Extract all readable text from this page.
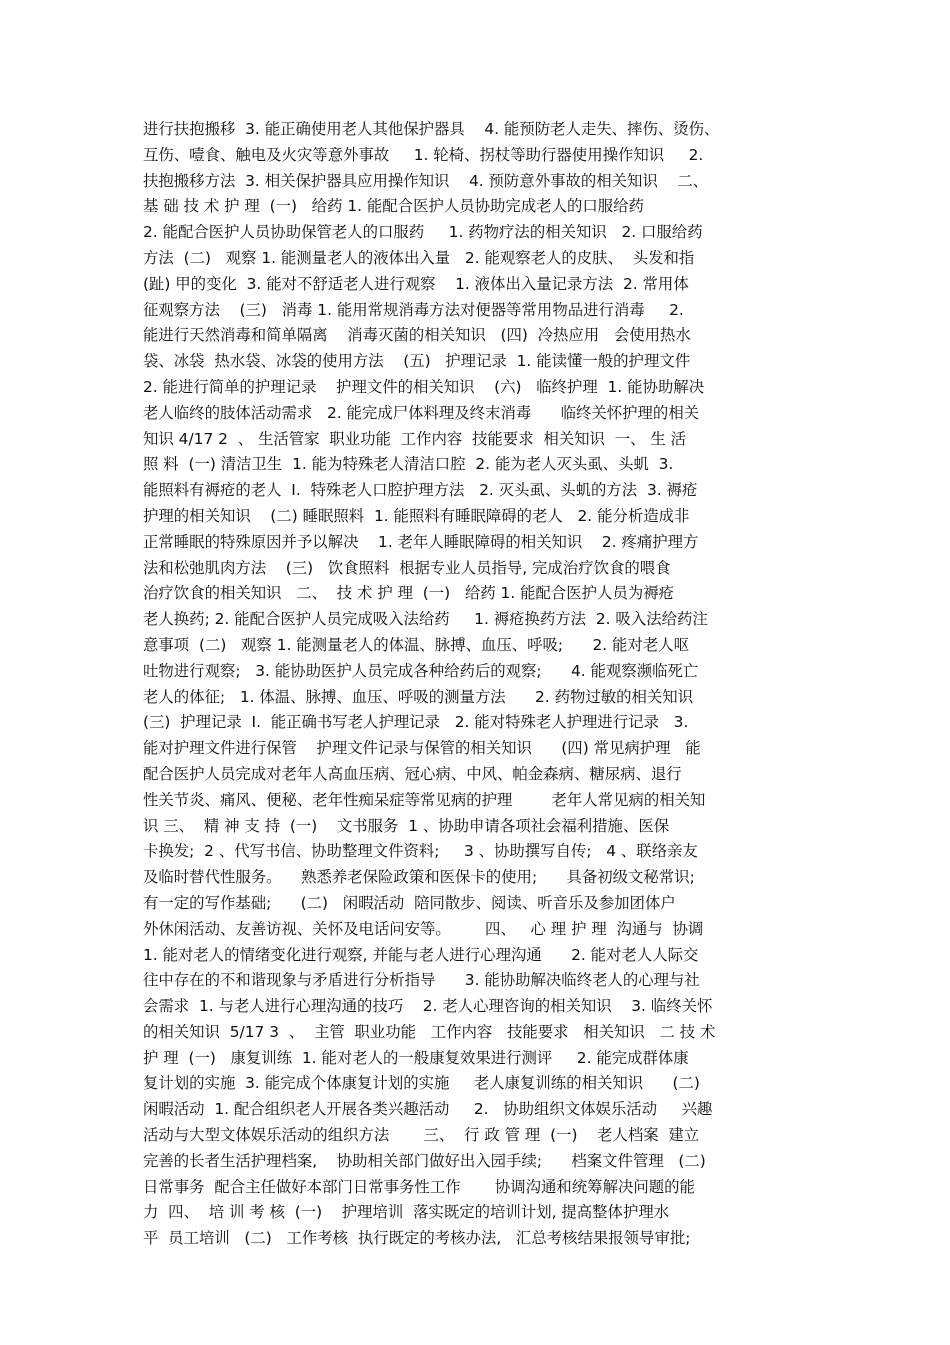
进行扶抱搬移  3. 能正确使用老人其他保护器具    4. 能预防老人走失、摔伤、烫伤、
互伤、噎食、触电及火灾等意外事故     1. 轮椅、拐杖等助行器使用操作知识     2.
扶抱搬移方法  3. 相关保护器具应用操作知识    4. 预防意外事故的相关知识    二、
基 础 技 术 护 理  (一)   给药 1. 能配合医护人员协助完成老人的口服给药
2. 能配合医护人员协助保管老人的口服药     1. 药物疗法的相关知识   2. 口服给药
方法  (二)   观察 1. 能测量老人的液体出入量   2. 能观察老人的皮肤、  头发和指
(趾) 甲的变化  3. 能对不舒适老人进行观察    1. 液体出入量记录方法  2. 常用体
征观察方法    (三)   消毒 1. 能用常规消毒方法对便器等常用物品进行消毒     2.
能进行天然消毒和简单隔离    消毒灭菌的相关知识   (四)  冷热应用   会使用热水
袋、冰袋  热水袋、冰袋的使用方法    (五)   护理记录  1. 能读懂一般的护理文件
2. 能进行简单的护理记录    护理文件的相关知识    (六)   临终护理  1. 能协助解决
老人临终的肢体活动需求   2. 能完成尸体料理及终末消毒      临终关怀护理的相关
知识 4/17 2  、 生活管家  职业功能  工作内容  技能要求  相关知识  一、 生 活
照 料  (一) 清洁卫生  1. 能为特殊老人清洁口腔  2. 能为老人灭头虱、头虮  3.
能照料有褥疮的老人  I.  特殊老人口腔护理方法   2. 灭头虱、头虮的方法  3. 褥疮
护理的相关知识    (二) 睡眠照料  1. 能照料有睡眠障碍的老人   2. 能分析造成非
正常睡眠的特殊原因并予以解决    1. 老年人睡眠障碍的相关知识    2. 疼痛护理方
法和松弛肌肉方法    (三)   饮食照料  根据专业人员指导, 完成治疗饮食的喂食
治疗饮食的相关知识   二、  技 术 护 理  (一)   给药 1. 能配合医护人员为褥疮
老人换药; 2. 能配合医护人员完成吸入法给药     1. 褥疮换药方法  2. 吸入法给药注
意事项  (二)   观察 1. 能测量老人的体温、脉搏、血压、呼吸;      2. 能对老人呕
吐物进行观察;   3. 能协助医护人员完成各种给药后的观察;      4. 能观察濒临死亡
老人的体征;   1. 体温、脉搏、血压、呼吸的测量方法      2. 药物过敏的相关知识
(三)  护理记录  I.  能正确书写老人护理记录   2. 能对特殊老人护理进行记录   3.
能对护理文件进行保管    护理文件记录与保管的相关知识      (四) 常见病护理   能
配合医护人员完成对老年人高血压病、冠心病、中风、帕金森病、糖尿病、退行
性关节炎、痛风、便秘、老年性痴呆症等常见病的护理        老年人常见病的相关知
识 三、  精 神 支 持  (一)    文书服务  1 、协助申请各项社会福利措施、医保
卡换发;  2 、代写书信、协助整理文件资料;     3 、协助撰写自传;   4 、联络亲友
及临时替代性服务。    熟悉养老保险政策和医保卡的使用;      具备初级文秘常识;
有一定的写作基础;      (二)   闲暇活动  陪同散步、阅读、听音乐及参加团体户
外休闲活动、友善访视、关怀及电话问安等。       四、   心 理 护 理  沟通与  协调
1. 能对老人的情绪变化进行观察, 并能与老人进行心理沟通      2. 能对老人人际交
往中存在的不和谐现象与矛盾进行分析指导      3. 能协助解决临终老人的心理与社
会需求  1. 与老人进行心理沟通的技巧    2. 老人心理咨询的相关知识    3. 临终关怀
的相关知识  5/17 3  、  主管  职业功能   工作内容   技能要求   相关知识   二 技 术
护 理  (一)   康复训练  1. 能对老人的一般康复效果进行测评     2. 能完成群体康
复计划的实施  3. 能完成个体康复计划的实施     老人康复训练的相关知识      (二)
闲暇活动  1. 配合组织老人开展各类兴趣活动     2.   协助组织文体娱乐活动     兴趣
活动与大型文体娱乐活动的组织方法       三、  行 政 管 理  (一)    老人档案  建立
完善的长者生活护理档案,    协助相关部门做好出入园手续;      档案文件管理   (二)
日常事务  配合主任做好本部门日常事务性工作       协调沟通和统筹解决问题的能
力  四、  培 训 考 核  (一)    护理培训  落实既定的培训计划, 提高整体护理水
平  员工培训   (二)   工作考核  执行既定的考核办法,   汇总考核结果报领导审批;
